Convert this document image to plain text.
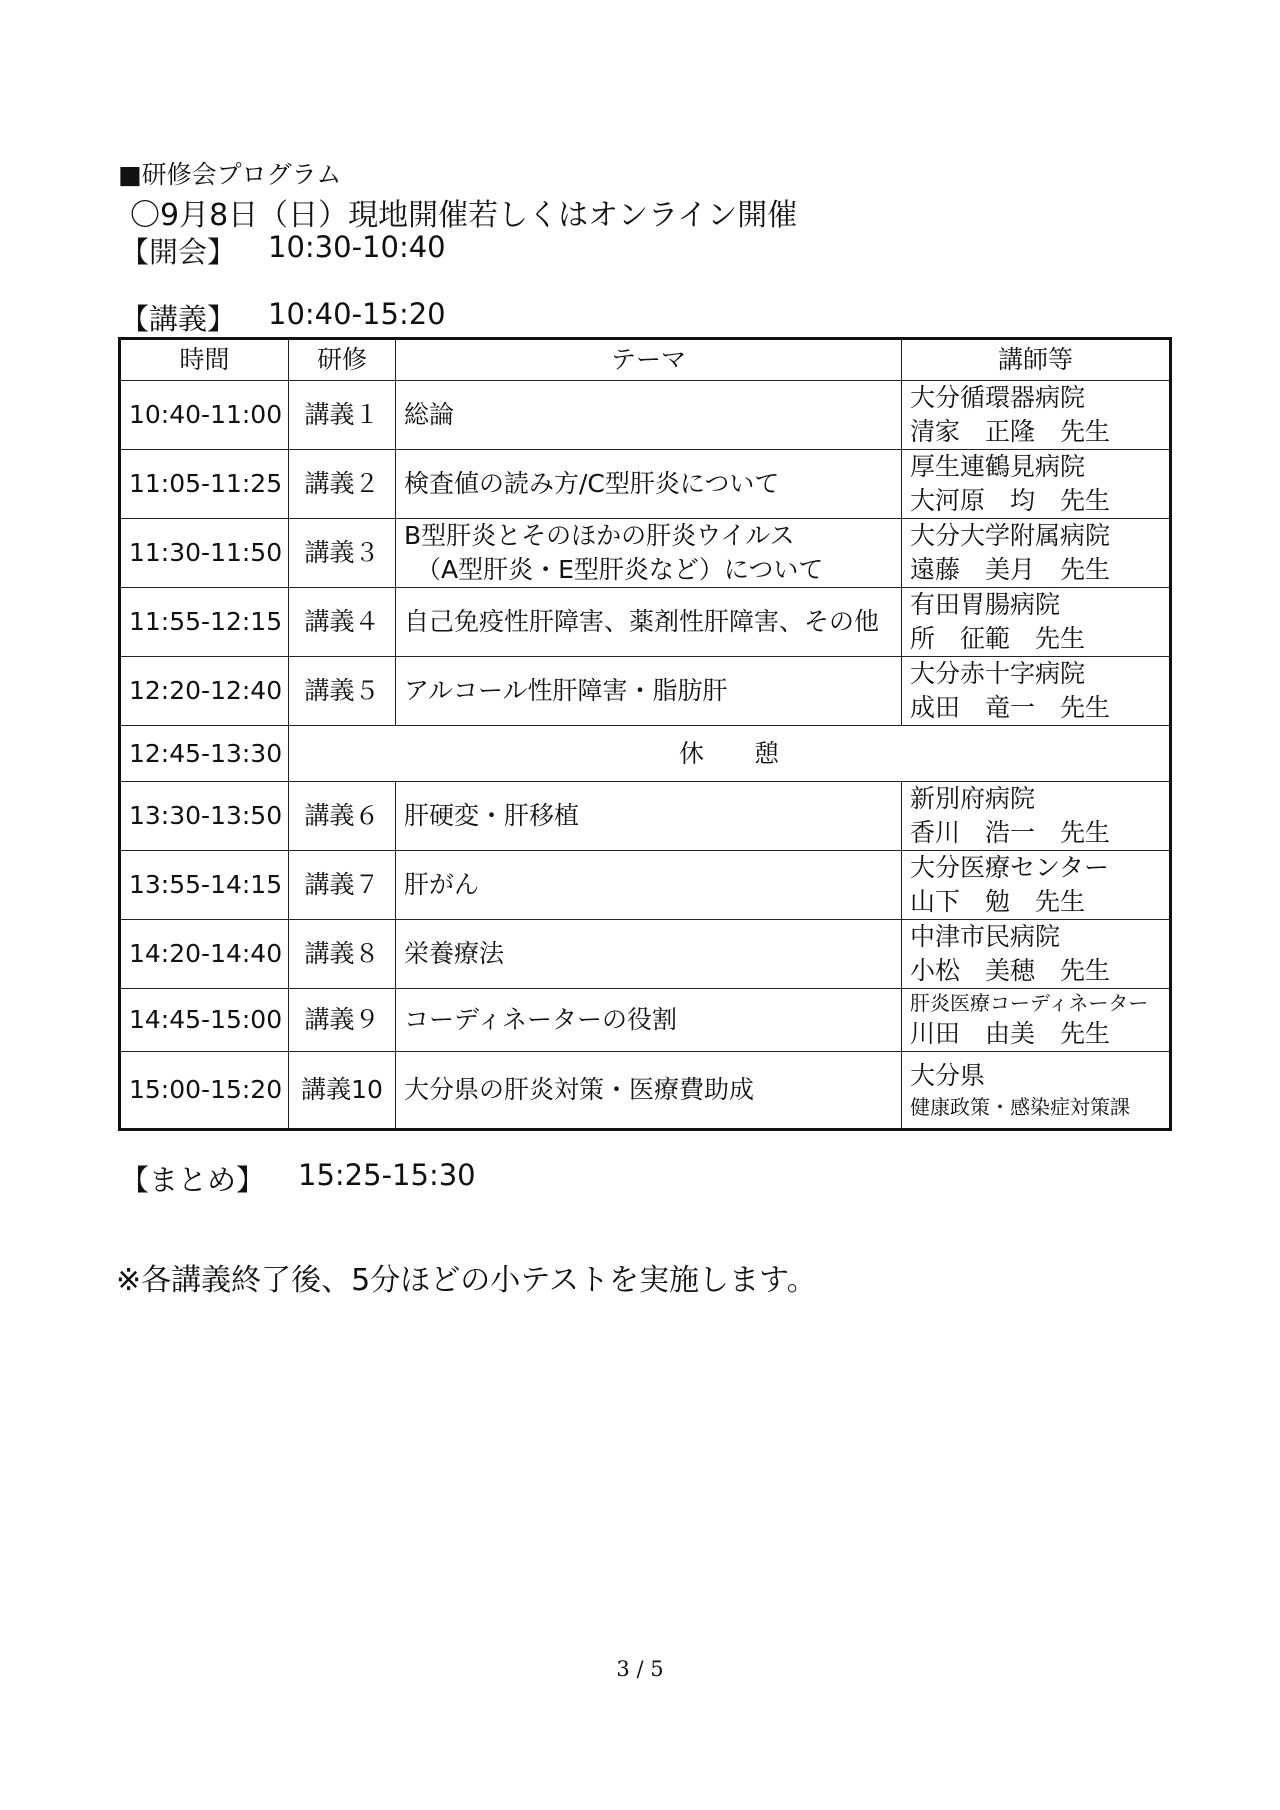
■研修会プログラム
〇9月8日（日）現地開催若しくはオンライン開催
【開会】 10:30-10:40
【講義】 10:40-15:20
時間	研修	テーマ	講師等
10:40-11:00	講義１	総論	大分循環器病院
清家　正隆　先生

11:05-11:25	講義２	検査値の読み方/C型肝炎について	厚生連鶴見病院
大河原　均　先生

11:30-11:50	講義３	B型肝炎とそのほかの肝炎ウイルス
（A型肝炎・E型肝炎など）について	大分大学附属病院
遠藤　美月　先生

11:55-12:15	講義４	自己免疫性肝障害、薬剤性肝障害、その他	有田胃腸病院
所　征範　先生

12:20-12:40	講義５	アルコール性肝障害・脂肪肝	大分赤十字病院
成田　竜一　先生

12:45-13:30	休　　憩		
13:30-13:50	講義６	肝硬変・肝移植	新別府病院
香川　浩一　先生

13:55-14:15	講義７	肝がん	大分医療センター
山下　勉　先生

14:20-14:40	講義８	栄養療法	中津市民病院
小松　美穂　先生

14:45-15:00	講義９	コーディネーターの役割	肝炎医療コーディネーター
川田　由美　先生

15:00-15:20	講義10	大分県の肝炎対策・医療費助成	大分県
健康政策・感染症対策課
【まとめ】 15:25-15:30
※各講義終了後、5分ほどの小テストを実施します。
3 / 5
